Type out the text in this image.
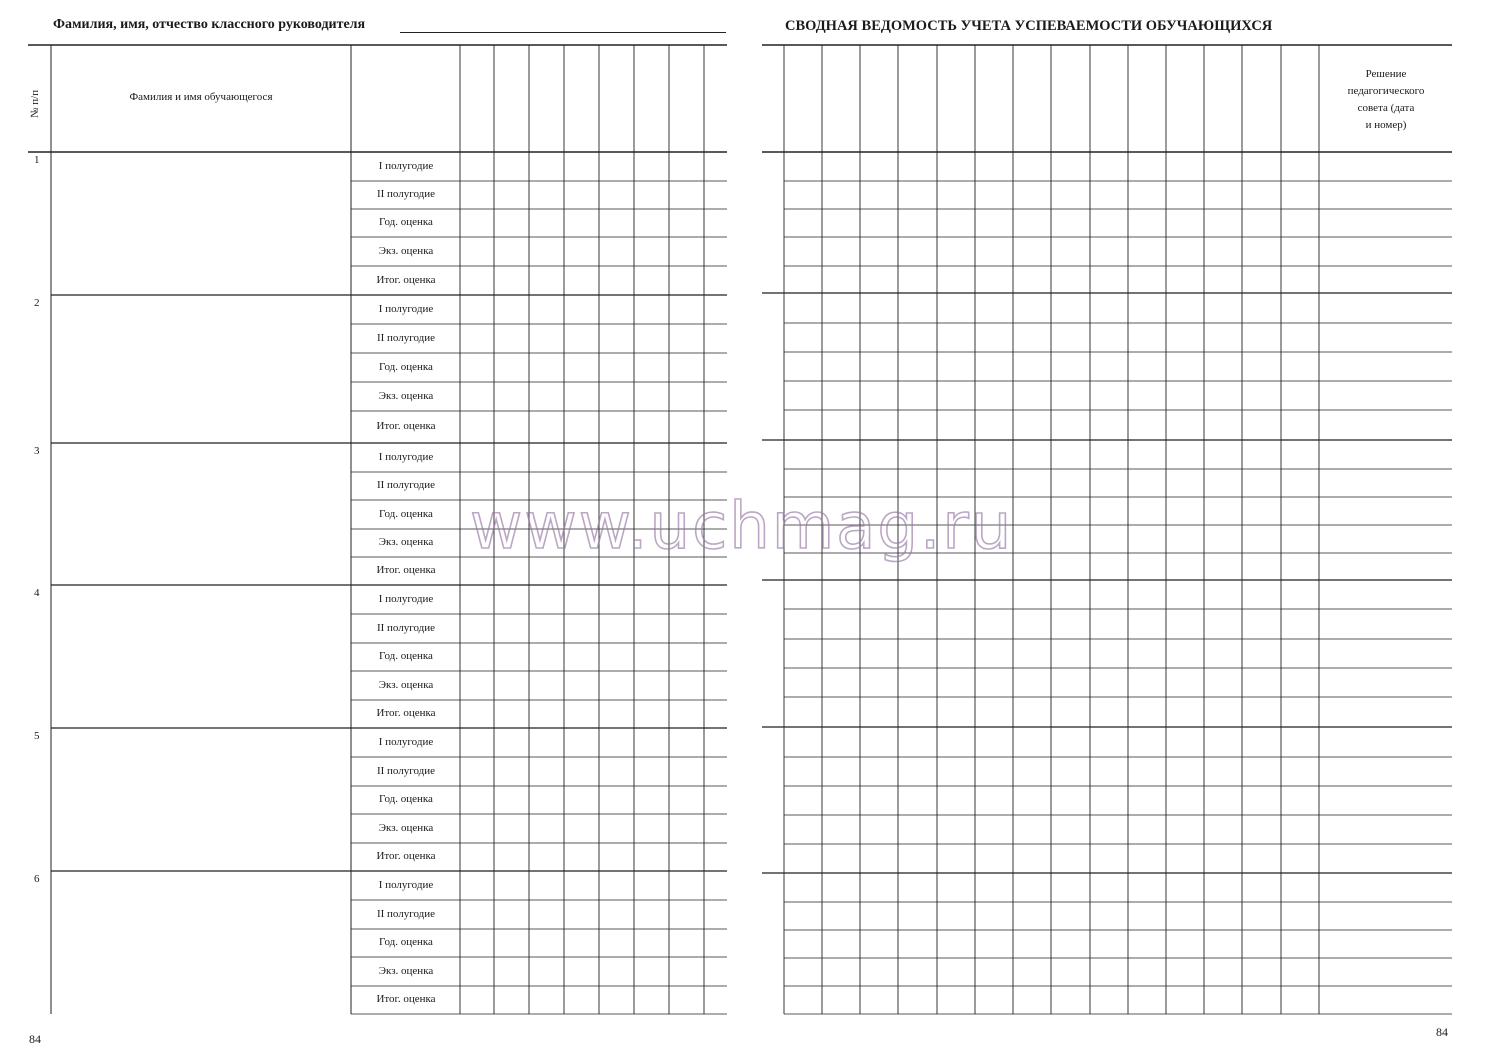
Фамилия, имя, отчество классного руководителя	СВОДНАЯ ВЕДОМОСТЬ УЧЕТА УСПЕВАЕМОСТИ ОБУЧАЮЩИХСЯ
№ п/п	Фамилия и имя обучающегося
Решение
педагогического
совета (дата
и номер)
1	I полугодие
II полугодие
Год. оценка
Экз. оценка
Итог. оценка
2	I полугодие
II полугодие
Год. оценка
Экз. оценка
Итог. оценка
3	I полугодие
II полугодие
Год. оценка
Экз. оценка
Итог. оценка
4	I полугодие
II полугодие
Год. оценка
Экз. оценка
Итог. оценка
5	I полугодие
II полугодие
Год. оценка
Экз. оценка
Итог. оценка
6	I полугодие
II полугодие
Год. оценка
Экз. оценка
Итог. оценка
84	84
www.uchmag.ru
